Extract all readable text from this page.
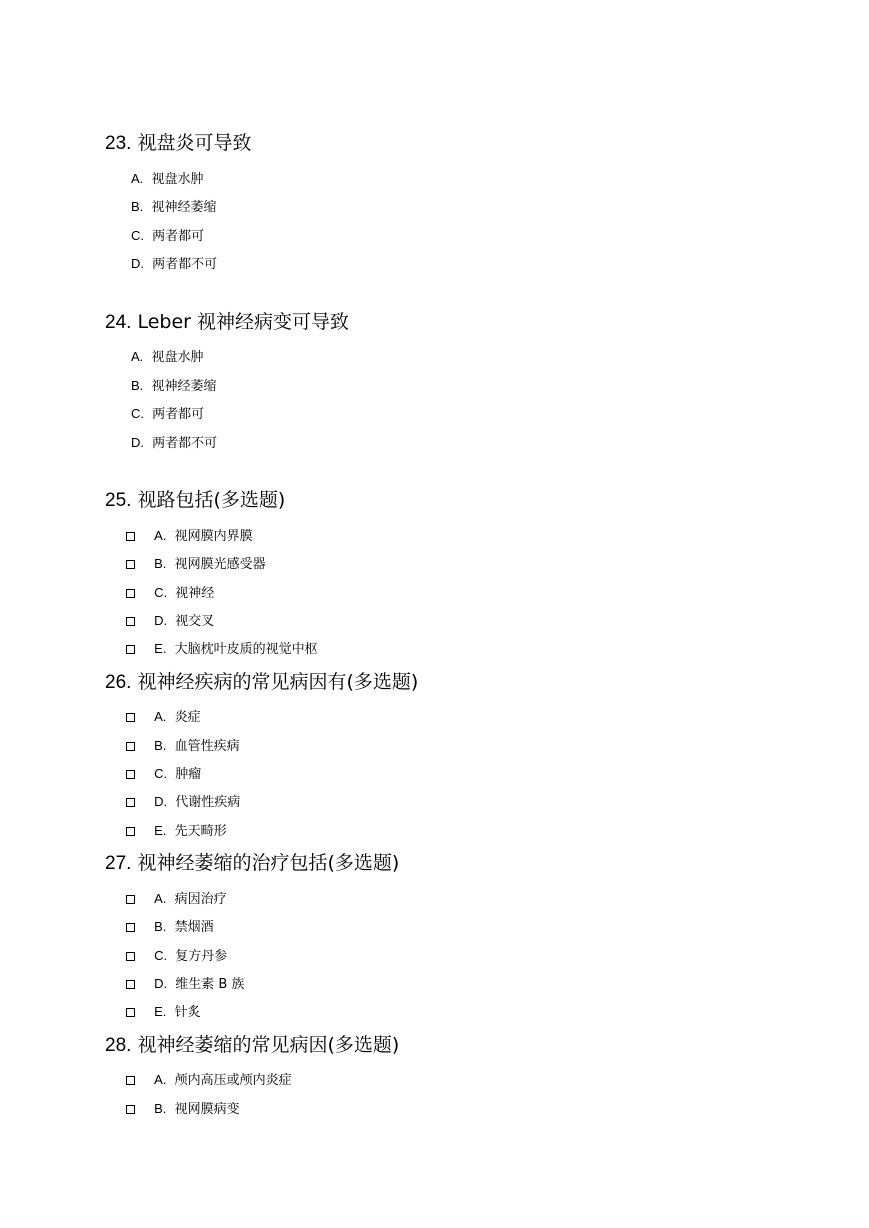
23. 视盘炎可导致
A. 视盘水肿
B. 视神经萎缩
C. 两者都可
D. 两者都不可
24. Leber 视神经病变可导致
A. 视盘水肿
B. 视神经萎缩
C. 两者都可
D. 两者都不可
25. 视路包括(多选题)
A. 视网膜内界膜
B. 视网膜光感受器
C. 视神经
D. 视交叉
E. 大脑枕叶皮质的视觉中枢
26. 视神经疾病的常见病因有(多选题)
A. 炎症
B. 血管性疾病
C. 肿瘤
D. 代谢性疾病
E. 先天畸形
27. 视神经萎缩的治疗包括(多选题)
A. 病因治疗
B. 禁烟酒
C. 复方丹参
D. 维生素 B 族
E. 针炙
28. 视神经萎缩的常见病因(多选题)
A. 颅内高压或颅内炎症
B. 视网膜病变
